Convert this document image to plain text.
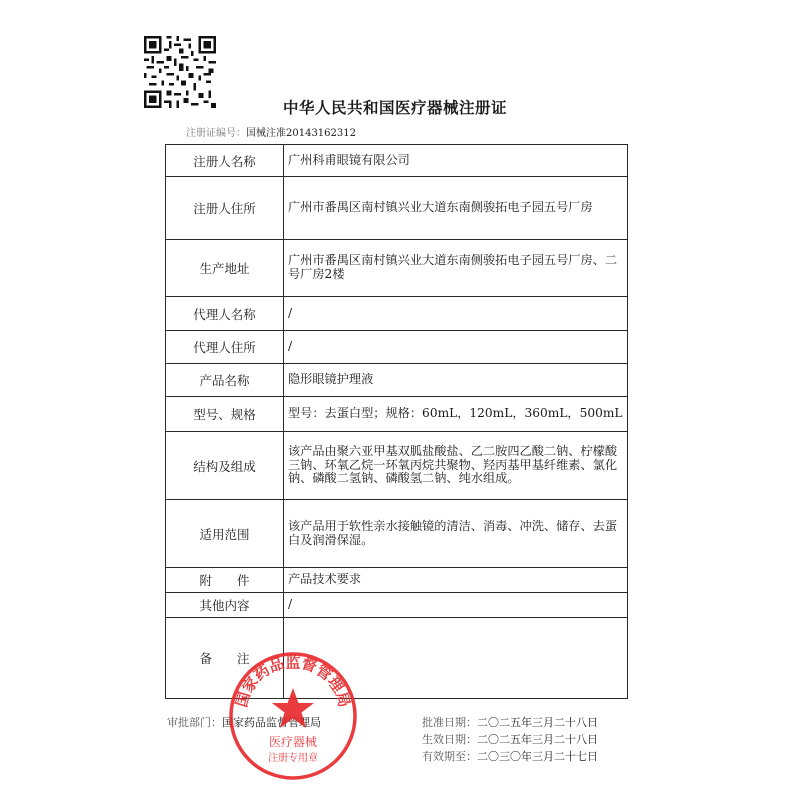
中华人民共和国医疗器械注册证
注册证编号：国械注准20143162312
注册人名称	广州科甫眼镜有限公司
注册人住所	广州市番禺区南村镇兴业大道东南侧骏拓电子园五号厂房
生产地址	广州市番禺区南村镇兴业大道东南侧骏拓电子园五号厂房、二号厂房2楼
代理人名称	/
代理人住所	/
产品名称	隐形眼镜护理液
型号、规格	型号：去蛋白型；规格：60mL，120mL，360mL，500mL
结构及组成	该产品由聚六亚甲基双胍盐酸盐、乙二胺四乙酸二钠、柠檬酸三钠、环氧乙烷一环氧丙烷共聚物、羟丙基甲基纤维素、氯化钠、磷酸二氢钠、磷酸氢二钠、纯水组成。
适用范围	该产品用于软性亲水接触镜的清洁、消毒、冲洗、储存、去蛋白及润滑保湿。
附　　件	产品技术要求
其他内容	/
备　　注	
审批部门：国家药品监督管理局	批准日期：二〇二五年三月二十八日
生效日期：二〇二五年三月二十八日
有效期至：二〇三〇年三月二十七日
国家药品监督管理局
医疗器械
注册专用章
